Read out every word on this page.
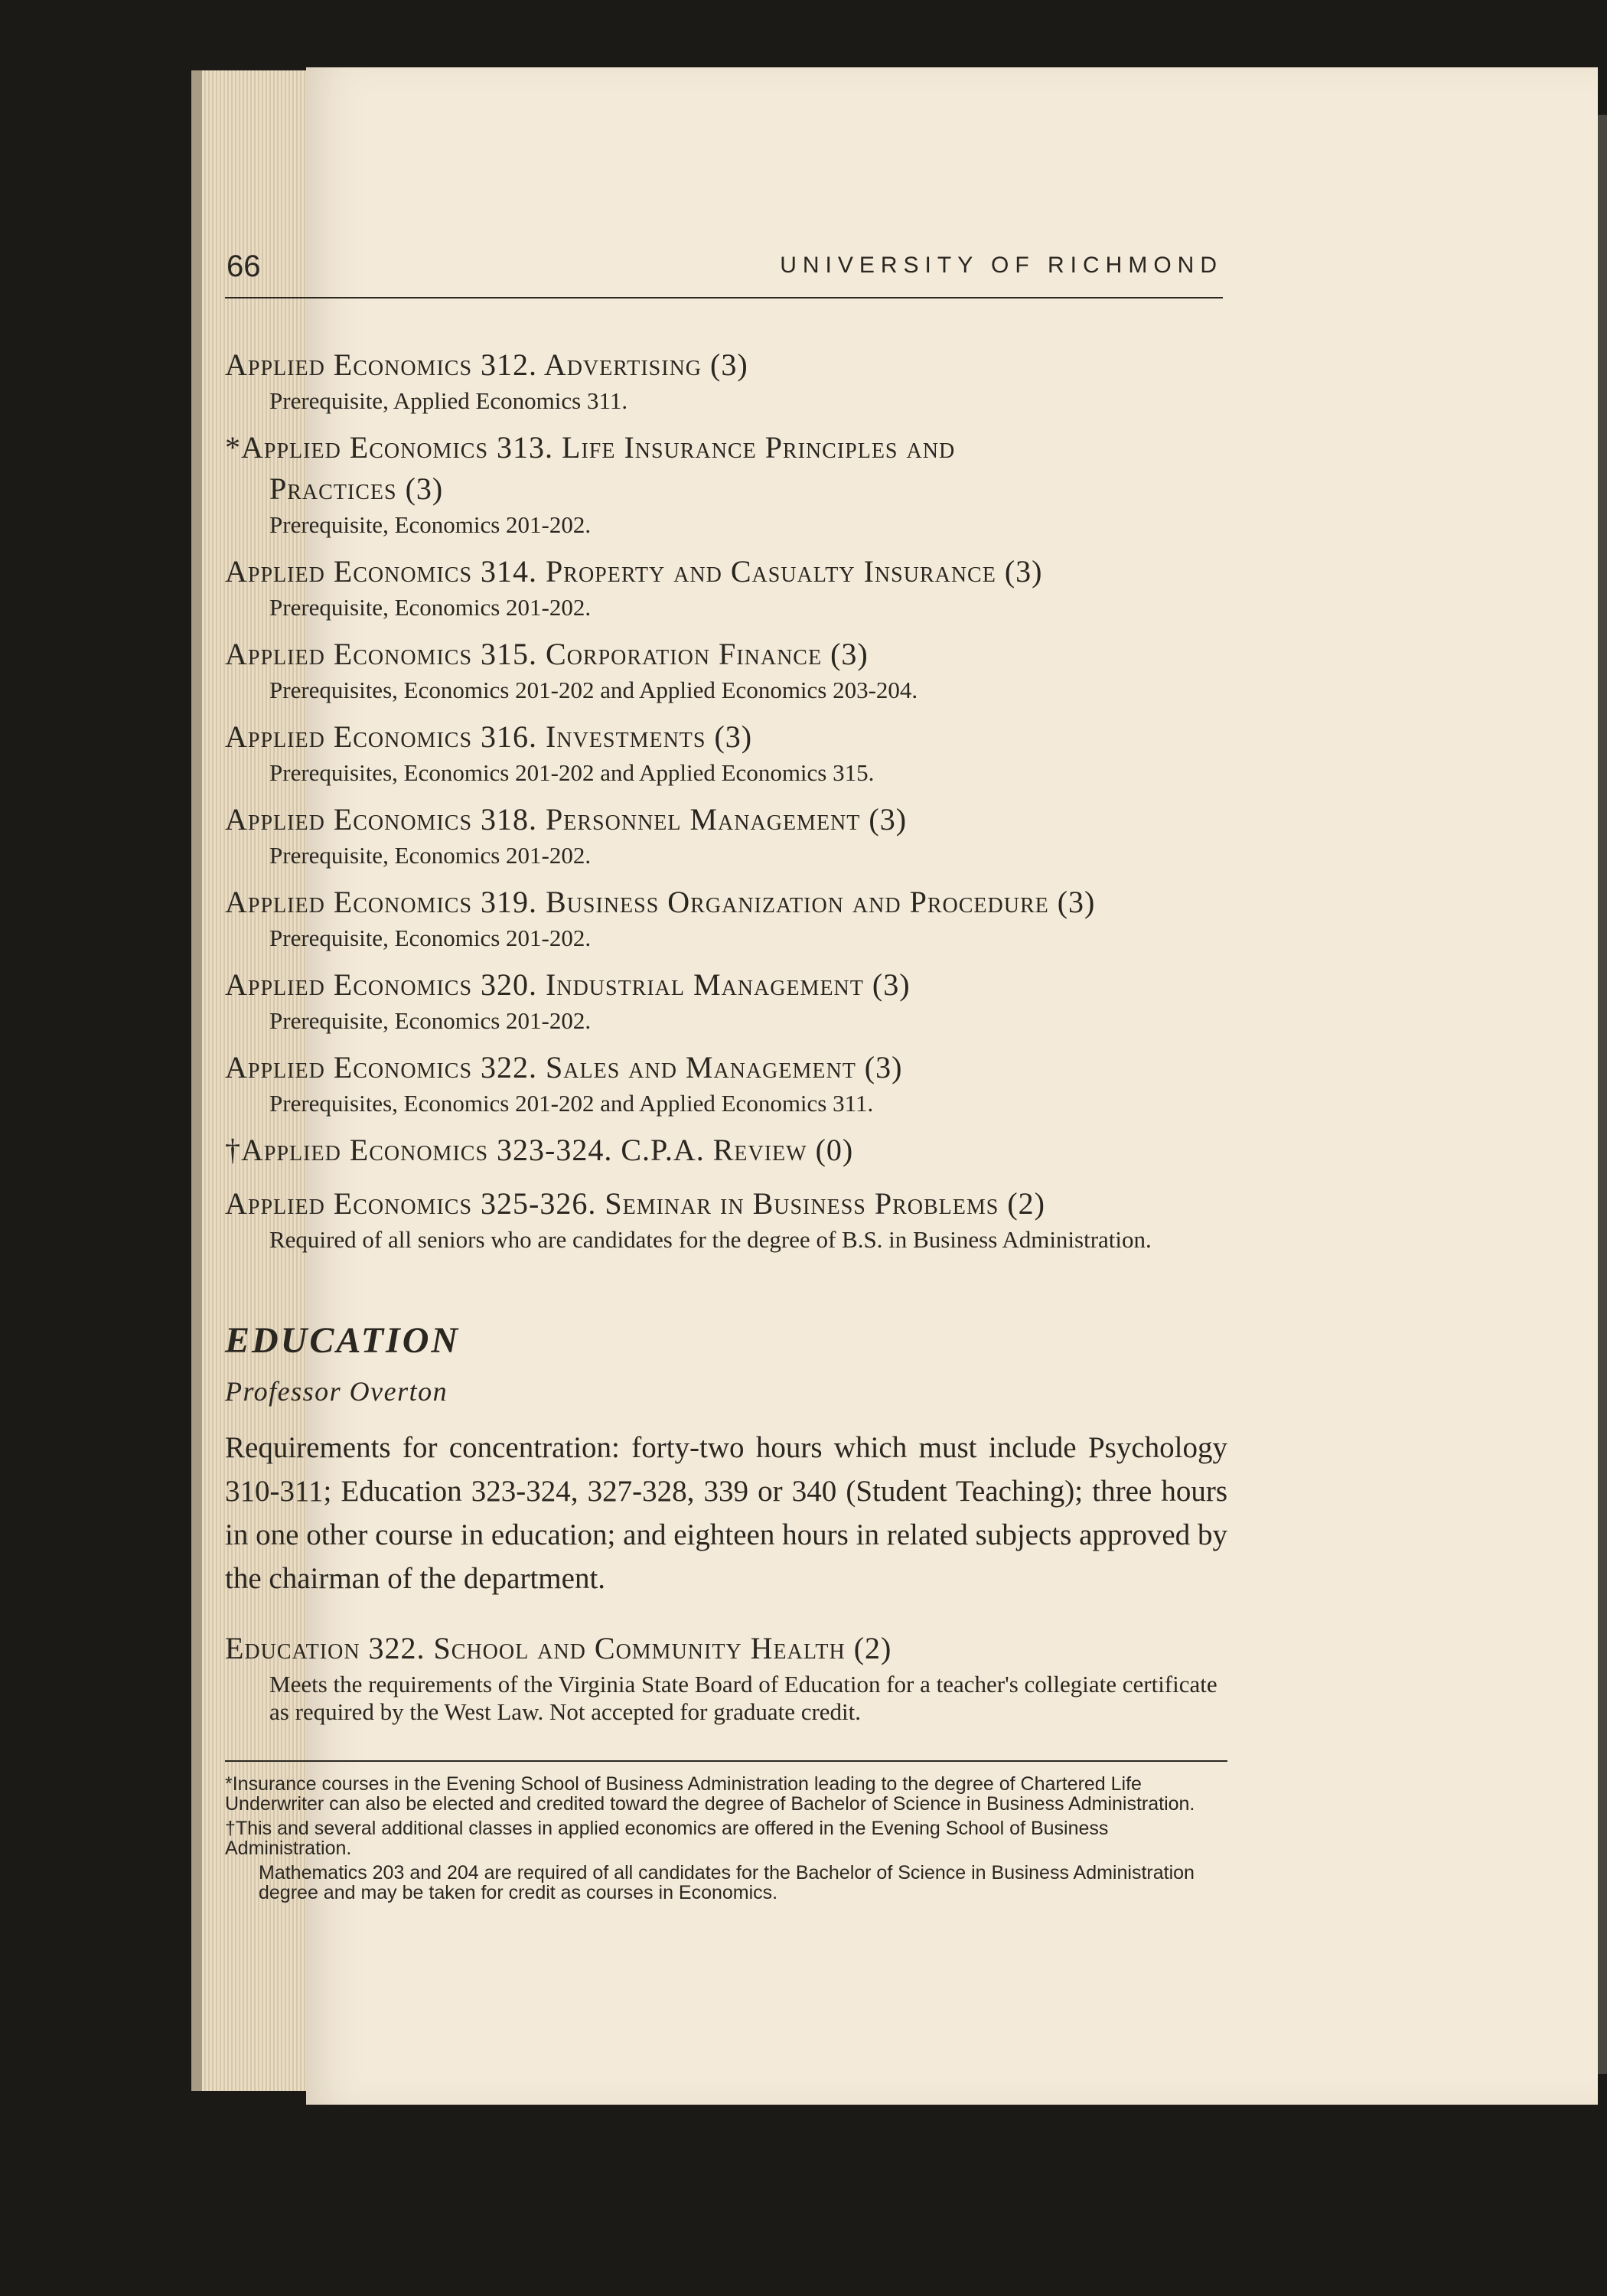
66	UNIVERSITY OF RICHMOND
Applied Economics 312. Advertising (3)
Prerequisite, Applied Economics 311.
*Applied Economics 313. Life Insurance Principles and
Practices (3)
Prerequisite, Economics 201-202.
Applied Economics 314. Property and Casualty Insurance (3)
Prerequisite, Economics 201-202.
Applied Economics 315. Corporation Finance (3)
Prerequisites, Economics 201-202 and Applied Economics 203-204.
Applied Economics 316. Investments (3)
Prerequisites, Economics 201-202 and Applied Economics 315.
Applied Economics 318. Personnel Management (3)
Prerequisite, Economics 201-202.
Applied Economics 319. Business Organization and Procedure (3)
Prerequisite, Economics 201-202.
Applied Economics 320. Industrial Management (3)
Prerequisite, Economics 201-202.
Applied Economics 322. Sales and Management (3)
Prerequisites, Economics 201-202 and Applied Economics 311.
†Applied Economics 323-324. C.P.A. Review (0)
Applied Economics 325-326. Seminar in Business Problems (2)
Required of all seniors who are candidates for the degree of B.S. in Business Administration.
EDUCATION
Professor Overton
Requirements for concentration: forty-two hours which must include Psychology 310-311; Education 323-324, 327-328, 339 or 340 (Student Teaching); three hours in one other course in education; and eighteen hours in related subjects approved by the chairman of the department.
Education 322. School and Community Health (2)
Meets the requirements of the Virginia State Board of Education for a teacher's collegiate certificate as required by the West Law. Not accepted for graduate credit.

*Insurance courses in the Evening School of Business Administration leading to the degree of Chartered Life Underwriter can also be elected and credited toward the degree of Bachelor of Science in Business Administration.

†This and several additional classes in applied economics are offered in the Evening School of Business Administration.

Mathematics 203 and 204 are required of all candidates for the Bachelor of Science in Business Administration degree and may be taken for credit as courses in Economics.
